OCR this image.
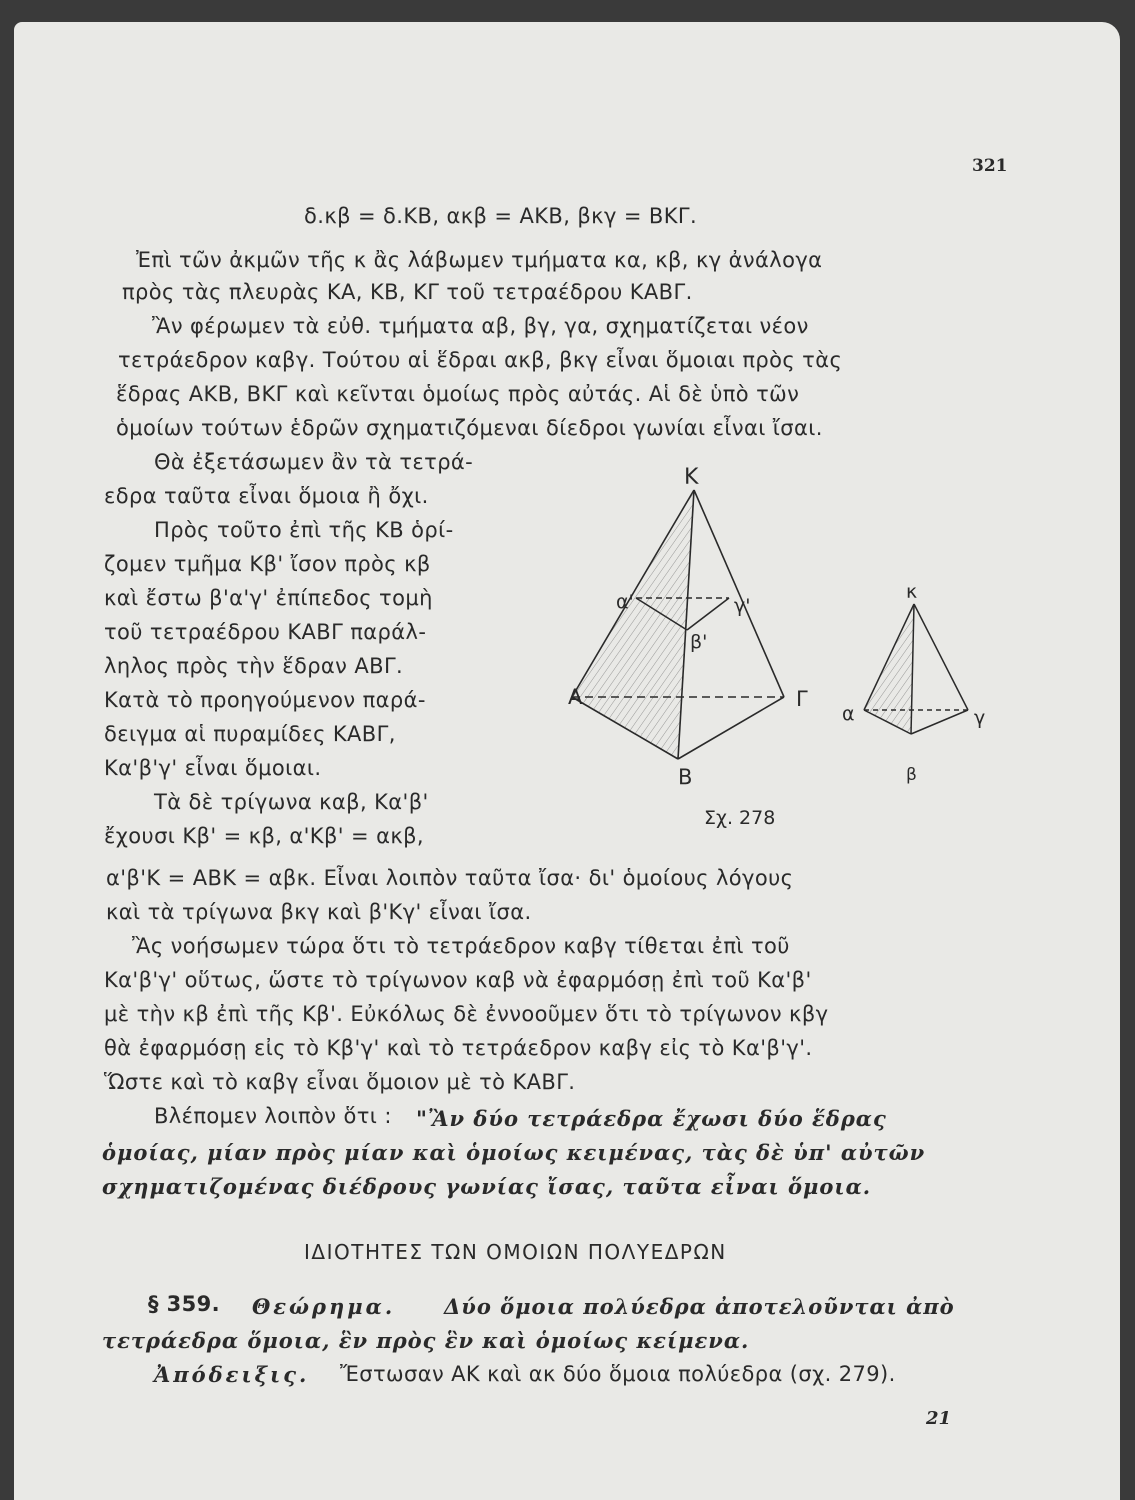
321
δ.κβ = δ.ΚΒ, ακβ = ΑΚΒ, βκγ = ΒΚΓ.
Ἐπὶ τῶν ἀκμῶν τῆς κ ἂς λάβωμεν τμήματα κα, κβ, κγ ἀνάλογα
πρὸς τὰς πλευρὰς ΚΑ, ΚΒ, ΚΓ τοῦ τετραέδρου ΚΑΒΓ.
Ἂν φέρωμεν τὰ εὐθ. τμήματα αβ, βγ, γα, σχηματίζεται νέον
τετράεδρον καβγ. Τούτου αἱ ἕδραι ακβ, βκγ εἶναι ὅμοιαι πρὸς τὰς
ἕδρας ΑΚΒ, ΒΚΓ καὶ κεῖνται ὁμοίως πρὸς αὐτάς. Αἱ δὲ ὑπὸ τῶν
ὁμοίων τούτων ἑδρῶν σχηματιζόμεναι δίεδροι γωνίαι εἶναι ἴσαι.
Θὰ ἐξετάσωμεν ἂν τὰ τετρά-
εδρα ταῦτα εἶναι ὅμοια ἢ ὄχι.
Πρὸς τοῦτο ἐπὶ τῆς ΚΒ ὁρί-
ζομεν τμῆμα Κβ' ἴσον πρὸς κβ
καὶ ἔστω β'α'γ' ἐπίπεδος τομὴ
τοῦ τετραέδρου ΚΑΒΓ παράλ-
ληλος πρὸς τὴν ἕδραν ΑΒΓ.
Κατὰ τὸ προηγούμενον παρά-
δειγμα αἱ πυραμίδες ΚΑΒΓ,
Κα'β'γ' εἶναι ὅμοιαι.
Τὰ δὲ τρίγωνα καβ, Κα'β'
ἔχουσι Κβ' = κβ, α'Κβ' = ακβ,
α'β'Κ = ΑΒΚ = αβκ. Εἶναι λοιπὸν ταῦτα ἴσα· δι' ὁμοίους λόγους
καὶ τὰ τρίγωνα βκγ καὶ β'Κγ' εἶναι ἴσα.
Ἂς νοήσωμεν τώρα ὅτι τὸ τετράεδρον καβγ τίθεται ἐπὶ τοῦ
Κα'β'γ' οὕτως, ὥστε τὸ τρίγωνον καβ νὰ ἐφαρμόσῃ ἐπὶ τοῦ Κα'β'
μὲ τὴν κβ ἐπὶ τῆς Κβ'. Εὐκόλως δὲ ἐννοοῦμεν ὅτι τὸ τρίγωνον κβγ
θὰ ἐφαρμόσῃ εἰς τὸ Κβ'γ' καὶ τὸ τετράεδρον καβγ εἰς τὸ Κα'β'γ'.
Ὥστε καὶ τὸ καβγ εἶναι ὅμοιον μὲ τὸ ΚΑΒΓ.
Βλέπομεν λοιπὸν ὅτι : "Ἂν δύο τετράεδρα ἔχωσι δύο ἕδρας
ὁμοίας, μίαν πρὸς μίαν καὶ ὁμοίως κειμένας, τὰς δὲ ὑπ' αὐτῶν
σχηματιζομένας διέδρους γωνίας ἴσας, ταῦτα εἶναι ὅμοια.
ΙΔΙΟΤΗΤΕΣ ΤΩΝ ΟΜΟΙΩΝ ΠΟΛΥΕΔΡΩΝ
§ 359. Θεώρημα. Δύο ὅμοια πολύεδρα ἀποτελοῦνται ἀπὸ
τετράεδρα ὅμοια, ἓν πρὸς ἓν καὶ ὁμοίως κείμενα.
Ἀπόδειξις. Ἔστωσαν ΑΚ καὶ ακ δύο ὅμοια πολύεδρα (σχ. 279).
21
Κ
Α
Β
Γ
α'
β'
γ'
κ
α
β
γ
Σχ. 278
